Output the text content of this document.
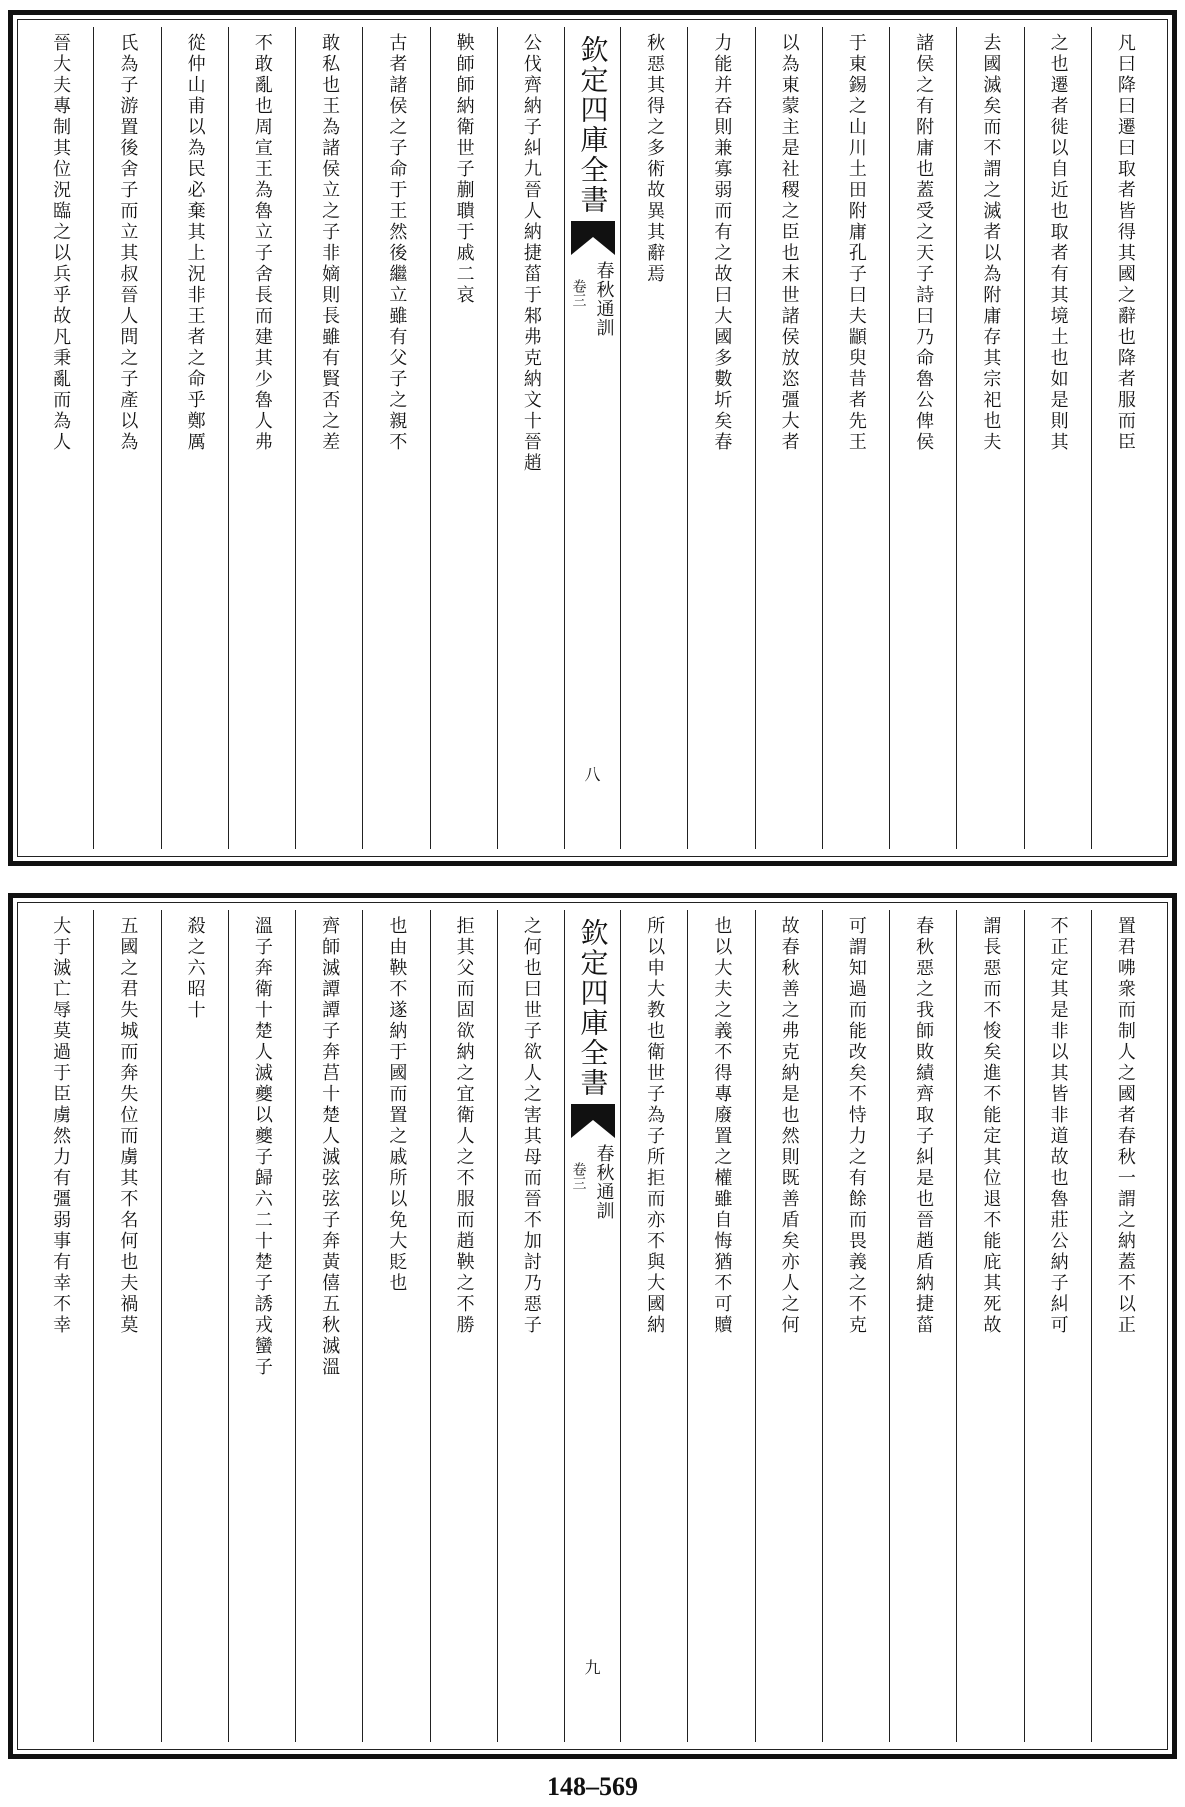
凡曰降曰遷曰取者皆得其國之辭也降者服而臣
之也遷者徙以自近也取者有其境土也如是則其
去國滅矣而不謂之滅者以為附庸存其宗祀也夫
諸侯之有附庸也蓋受之天子詩曰乃命魯公俾侯
于東錫之山川土田附庸孔子曰夫顓臾昔者先王
以為東蒙主是社稷之臣也末世諸侯放恣彊大者
力能并吞則兼寡弱而有之故曰大國多數圻矣春
秋惡其得之多術故異其辭焉
欽定四庫全書
春秋通訓
卷三
八
公伐齊納子糾九晉人納捷菑于邾弗克納文十晉趙
鞅師師納衛世子蒯聵于戚二哀
古者諸侯之子命于王然後繼立雖有父子之親不
敢私也王為諸侯立之子非嫡則長雖有賢否之差
不敢亂也周宣王為魯立子舍長而建其少魯人弗
從仲山甫以為民必棄其上況非王者之命乎鄭厲
氏為子游置後舍子而立其叔晉人問之子產以為
晉大夫專制其位況臨之以兵乎故凡秉亂而為人
置君咈衆而制人之國者春秋一謂之納蓋不以正
不正定其是非以其皆非道故也魯莊公納子糾可
謂長惡而不悛矣進不能定其位退不能庇其死故
春秋惡之我師敗績齊取子糾是也晉趙盾納捷菑
可謂知過而能改矣不恃力之有餘而畏義之不克
故春秋善之弗克納是也然則既善盾矣亦人之何
也以大夫之義不得專廢置之權雖自悔猶不可贖
所以申大教也衛世子為子所拒而亦不與大國納
欽定四庫全書
春秋通訓
卷三
九
之何也曰世子欲人之害其母而晉不加討乃惡子
拒其父而固欲納之宜衛人之不服而趙鞅之不勝
也由鞅不遂納于國而置之戚所以免大貶也
齊師滅譚譚子奔莒十楚人滅弦弦子奔黃僖五秋滅溫
溫子奔衛十楚人滅夔以夔子歸六二十楚子誘戎蠻子
殺之六昭十
五國之君失城而奔失位而虜其不名何也夫禍莫
大于滅亡辱莫過于臣虜然力有彊弱事有幸不幸
148–569
